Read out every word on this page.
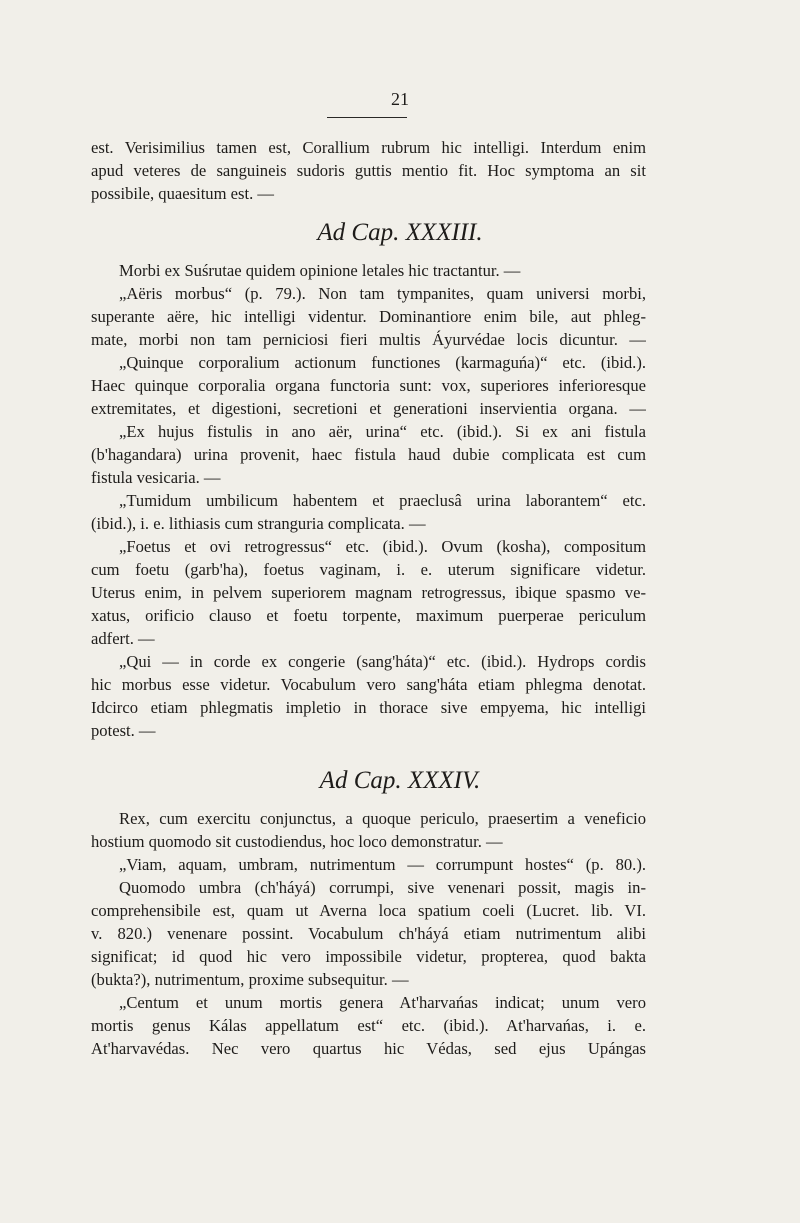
21
est. Verisimilius tamen est, Corallium rubrum hic intelligi. Interdum enim
apud veteres de sanguineis sudoris guttis mentio fit. Hoc symptoma an sit
possibile, quaesitum est. —
Ad Cap. XXXIII.
Morbi ex Suśrutae quidem opinione letales hic tractantur. —
„Aëris morbus“ (p. 79.). Non tam tympanites, quam universi morbi,
superante aëre, hic intelligi videntur. Dominantiore enim bile, aut phleg-
mate, morbi non tam perniciosi fieri multis Áyurvédae locis dicuntur. —
„Quinque corporalium actionum functiones (karmaguńa)“ etc. (ibid.).
Haec quinque corporalia organa functoria sunt: vox, superiores inferioresque
extremitates, et digestioni, secretioni et generationi inservientia organa. —
„Ex hujus fistulis in ano aër, urina“ etc. (ibid.). Si ex ani fistula
(b'hagandara) urina provenit, haec fistula haud dubie complicata est cum
fistula vesicaria. —
„Tumidum umbilicum habentem et praeclusâ urina laborantem“ etc.
(ibid.), i. e. lithiasis cum stranguria complicata. —
„Foetus et ovi retrogressus“ etc. (ibid.). Ovum (kosha), compositum
cum foetu (garb'ha), foetus vaginam, i. e. uterum significare videtur.
Uterus enim, in pelvem superiorem magnam retrogressus, ibique spasmo ve-
xatus, orificio clauso et foetu torpente, maximum puerperae periculum
adfert. —
„Qui — in corde ex congerie (sang'háta)“ etc. (ibid.). Hydrops cordis
hic morbus esse videtur. Vocabulum vero sang'háta etiam phlegma denotat.
Idcirco etiam phlegmatis impletio in thorace sive empyema, hic intelligi
potest. —
Ad Cap. XXXIV.
Rex, cum exercitu conjunctus, a quoque periculo, praesertim a veneficio
hostium quomodo sit custodiendus, hoc loco demonstratur. —
„Viam, aquam, umbram, nutrimentum — corrumpunt hostes“ (p. 80.).
Quomodo umbra (ch'háyá) corrumpi, sive venenari possit, magis in-
comprehensibile est, quam ut Averna loca spatium coeli (Lucret. lib. VI.
v. 820.) venenare possint. Vocabulum ch'háyá etiam nutrimentum alibi
significat; id quod hic vero impossibile videtur, propterea, quod bakta
(bukta?), nutrimentum, proxime subsequitur. —
„Centum et unum mortis genera At'harvańas indicat; unum vero
mortis genus Kálas appellatum est“ etc. (ibid.). At'harvańas, i. e.
At'harvavédas. Nec vero quartus hic Védas, sed ejus Upángas
